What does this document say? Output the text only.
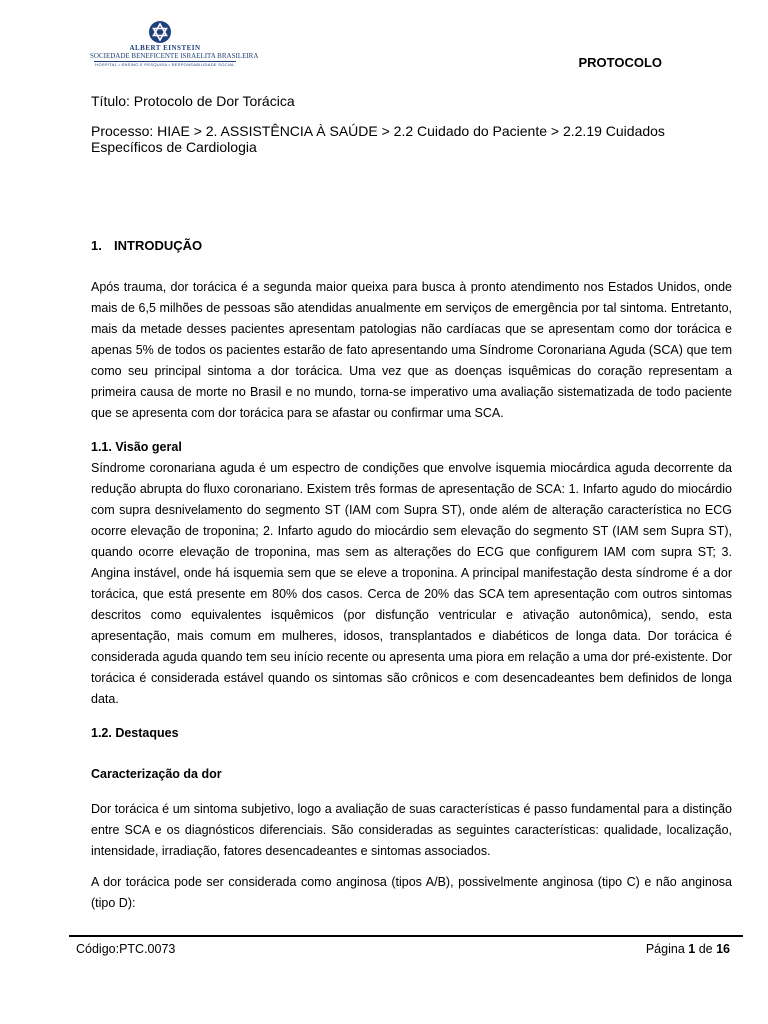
ALBERT EINSTEIN
SOCIEDADE BENEFICENTE ISRAELITA BRASILEIRA
HOSPITAL • ENSINO E PESQUISA • RESPONSABILIDADE SOCIAL	PROTOCOLO
Título: Protocolo de Dor Torácica
Processo: HIAE > 2. ASSISTÊNCIA À SAÚDE > 2.2 Cuidado do Paciente > 2.2.19 Cuidados Específicos de Cardiologia
1. INTRODUÇÃO

Após trauma, dor torácica é a segunda maior queixa para busca à pronto atendimento nos Estados Unidos, onde mais de 6,5 milhões de pessoas são atendidas anualmente em serviços de emergência por tal sintoma. Entretanto, mais da metade desses pacientes apresentam patologias não cardíacas que se apresentam como dor torácica e apenas 5% de todos os pacientes estarão de fato apresentando uma Síndrome Coronariana Aguda (SCA) que tem como seu principal sintoma a dor torácica. Uma vez que as doenças isquêmicas do coração representam a primeira causa de morte no Brasil e no mundo, torna-se imperativo uma avaliação sistematizada de todo paciente que se apresenta com dor torácica para se afastar ou confirmar uma SCA.

1.1. Visão geral

Síndrome coronariana aguda é um espectro de condições que envolve isquemia miocárdica aguda decorrente da redução abrupta do fluxo coronariano. Existem três formas de apresentação de SCA: 1. Infarto agudo do miocárdio com supra desnivelamento do segmento ST (IAM com Supra ST), onde além de alteração característica no ECG ocorre elevação de troponina; 2. Infarto agudo do miocárdio sem elevação do segmento ST (IAM sem Supra ST), quando ocorre elevação de troponina, mas sem as alterações do ECG que configurem IAM com supra ST; 3. Angina instável, onde há isquemia sem que se eleve a troponina. A principal manifestação desta síndrome é a dor torácica, que está presente em 80% dos casos. Cerca de 20% das SCA tem apresentação com outros sintomas descritos como equivalentes isquêmicos (por disfunção ventricular e ativação autonômica), sendo, esta apresentação, mais comum em mulheres, idosos, transplantados e diabéticos de longa data. Dor torácica é considerada aguda quando tem seu início recente ou apresenta uma piora em relação a uma dor pré-existente. Dor torácica é considerada estável quando os sintomas são crônicos e com desencadeantes bem definidos de longa data.

1.2. Destaques
Caracterização da dor

Dor torácica é um sintoma subjetivo, logo a avaliação de suas características é passo fundamental para a distinção entre SCA e os diagnósticos diferenciais. São consideradas as seguintes características: qualidade, localização, intensidade, irradiação, fatores desencadeantes e sintomas associados.

A dor torácica pode ser considerada como anginosa (tipos A/B), possivelmente anginosa (tipo C) e não anginosa (tipo D):

Código:PTC.0073	Página 1 de 16
